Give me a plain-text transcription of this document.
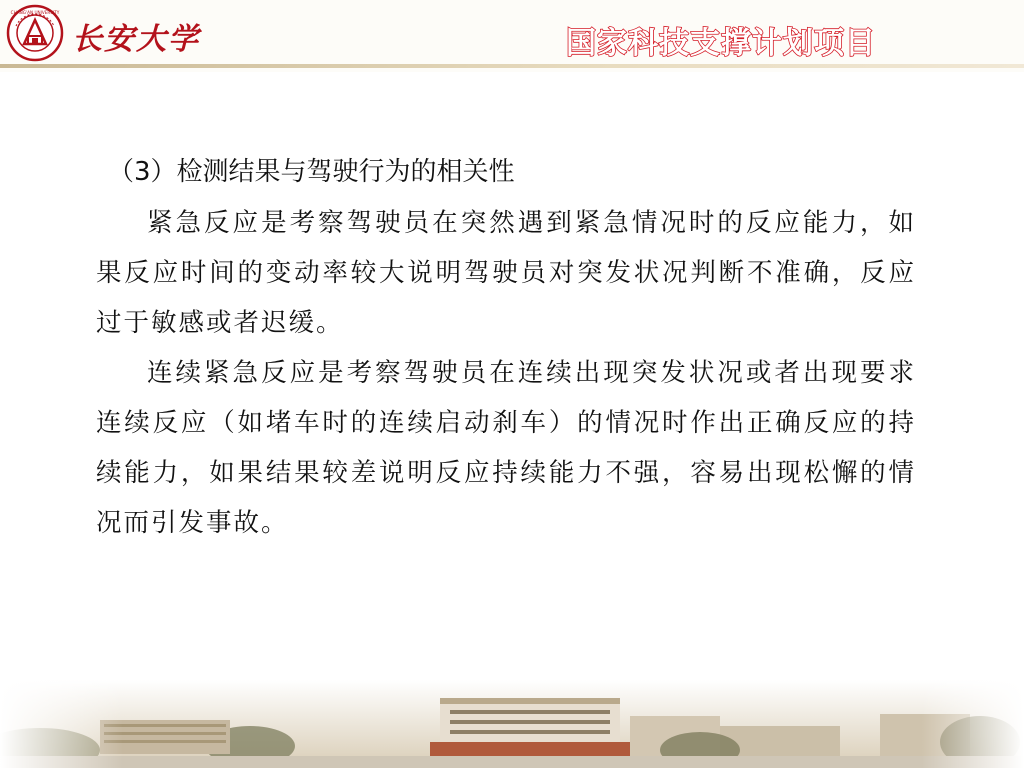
CHANG'AN UNIVERSITY
长安大学	国家科技支撑计划项目

（3）检测结果与驾驶行为的相关性

紧急反应是考察驾驶员在突然遇到紧急情况时的反应能力，如果反应时间的变动率较大说明驾驶员对突发状况判断不准确，反应过于敏感或者迟缓。

连续紧急反应是考察驾驶员在连续出现突发状况或者出现要求连续反应（如堵车时的连续启动刹车）的情况时作出正确反应的持续能力，如果结果较差说明反应持续能力不强，容易出现松懈的情况而引发事故。
